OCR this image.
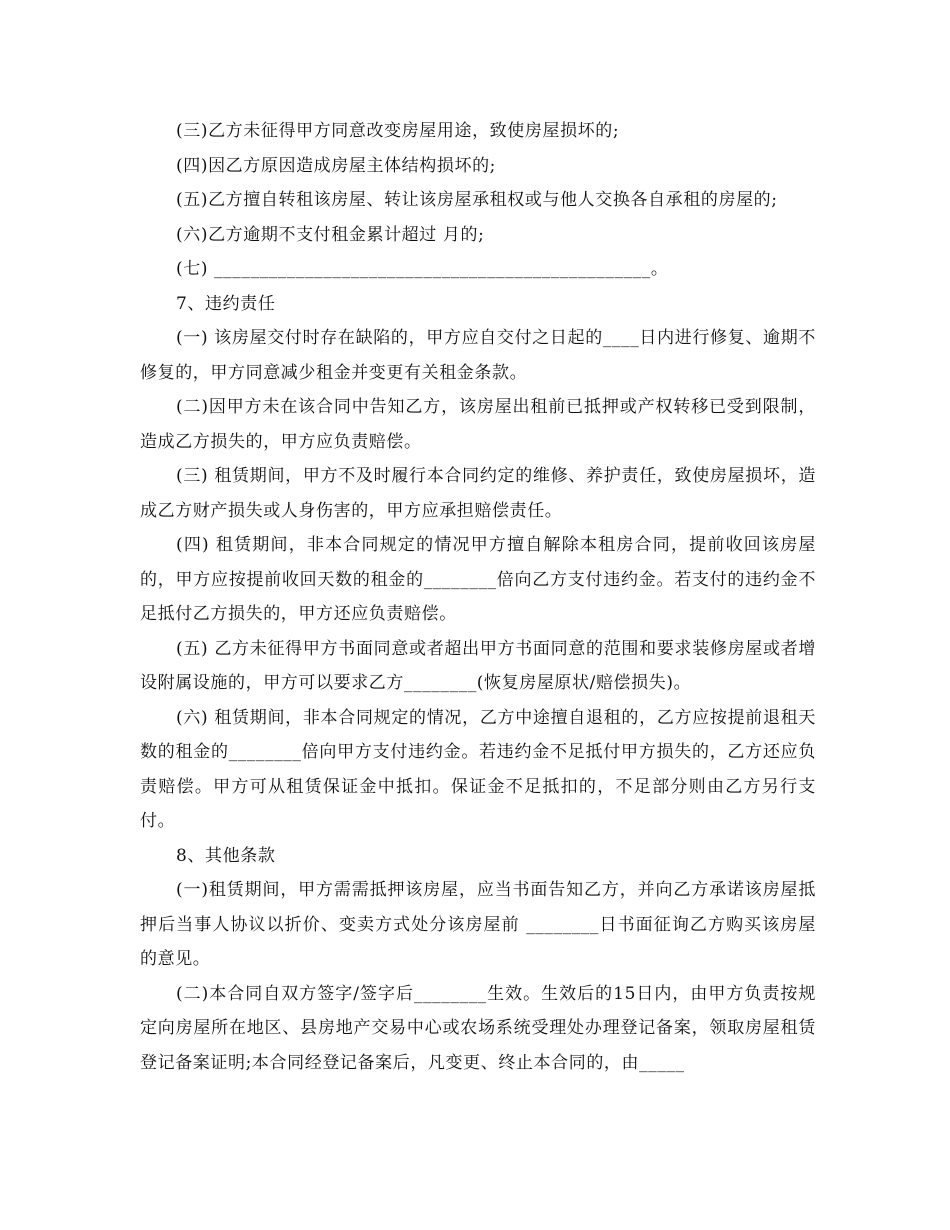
(三)乙方未征得甲方同意改变房屋用途，致使房屋损坏的;

(四)因乙方原因造成房屋主体结构损坏的;

(五)乙方擅自转租该房屋、转让该房屋承租权或与他人交换各自承租的房屋的;

(六)乙方逾期不支付租金累计超过 月的;

(七) ________________________________________________。

7、违约责任

(一) 该房屋交付时存在缺陷的，甲方应自交付之日起的____日内进行修复、逾期不修复的，甲方同意减少租金并变更有关租金条款。

(二)因甲方未在该合同中告知乙方，该房屋出租前已抵押或产权转移已受到限制，造成乙方损失的，甲方应负责赔偿。

(三) 租赁期间，甲方不及时履行本合同约定的维修、养护责任，致使房屋损坏，造成乙方财产损失或人身伤害的，甲方应承担赔偿责任。

(四) 租赁期间，非本合同规定的情况甲方擅自解除本租房合同，提前收回该房屋的，甲方应按提前收回天数的租金的________倍向乙方支付违约金。若支付的违约金不足抵付乙方损失的，甲方还应负责赔偿。

(五) 乙方未征得甲方书面同意或者超出甲方书面同意的范围和要求装修房屋或者增设附属设施的，甲方可以要求乙方________(恢复房屋原状/赔偿损失)。

(六) 租赁期间，非本合同规定的情况，乙方中途擅自退租的，乙方应按提前退租天数的租金的________倍向甲方支付违约金。若违约金不足抵付甲方损失的，乙方还应负责赔偿。甲方可从租赁保证金中抵扣。保证金不足抵扣的，不足部分则由乙方另行支付。

8、其他条款

(一)租赁期间，甲方需需抵押该房屋，应当书面告知乙方，并向乙方承诺该房屋抵押后当事人协议以折价、变卖方式处分该房屋前 ________日书面征询乙方购买该房屋的意见。

(二)本合同自双方签字/签字后________生效。生效后的15日内，由甲方负责按规定向房屋所在地区、县房地产交易中心或农场系统受理处办理登记备案，领取房屋租赁登记备案证明;本合同经登记备案后，凡变更、终止本合同的，由_____
